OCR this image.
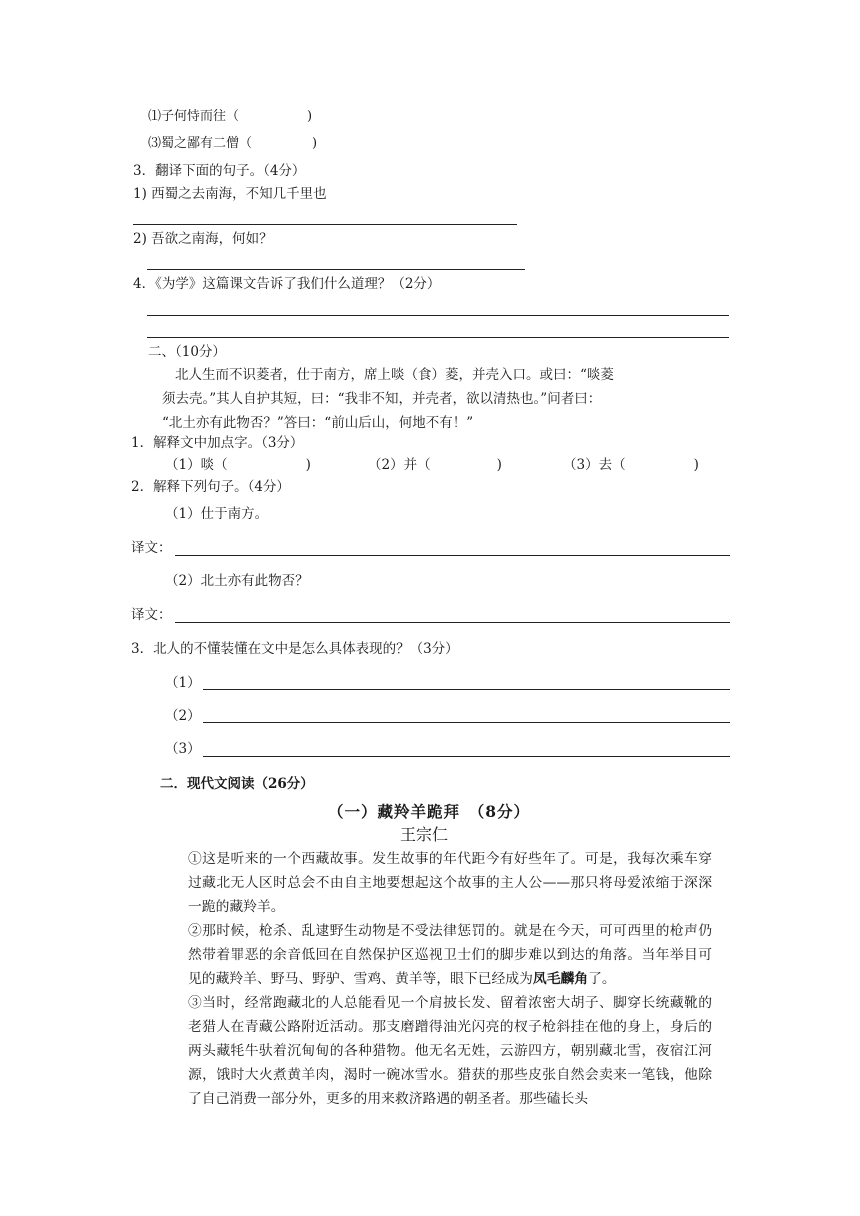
⑴子何恃而往（	)
⑶蜀之鄙有二僧（	)
3．翻译下面的句子。（4分）
1) 西蜀之去南海，不知几千里也
2) 吾欲之南海，何如？
4．《为学》这篇课文告诉了我们什么道理？（2分）
二、（10分）
北人生而不识菱者，仕于南方，席上啖（食）菱，并壳入口。或曰：“啖菱
须去壳。”其人自护其短，曰：“我非不知，并壳者，欲以清热也。”问者曰：
“北土亦有此物否？”答曰：“前山后山，何地不有！”
1．解释文中加点字。（3分）
（1）啖（	)	（2）并（	)	（3）去（	)
2．解释下列句子。（4分）
（1）仕于南方。
译文：
（2）北土亦有此物否？
译文：
3．北人的不懂装懂在文中是怎么具体表现的？（3分）
（1）
（2）
（3）
二．现代文阅读（26分）
（一）藏羚羊跪拜　（8分）
王宗仁
①这是听来的一个西藏故事。发生故事的年代距今有好些年了。可是，我每次乘车穿过藏北无人区时总会不由自主地要想起这个故事的主人公——那只将母爱浓缩于深深一跪的藏羚羊。
②那时候，枪杀、乱逮野生动物是不受法律惩罚的。就是在今天，可可西里的枪声仍然带着罪恶的余音低回在自然保护区巡视卫士们的脚步难以到达的角落。当年举目可见的藏羚羊、野马、野驴、雪鸡、黄羊等，眼下已经成为凤毛麟角了。
③当时，经常跑藏北的人总能看见一个肩披长发、留着浓密大胡子、脚穿长统藏靴的老猎人在青藏公路附近活动。那支磨蹭得油光闪亮的杈子枪斜挂在他的身上，身后的两头藏牦牛驮着沉甸甸的各种猎物。他无名无姓，云游四方，朝别藏北雪，夜宿江河源，饿时大火煮黄羊肉，渴时一碗冰雪水。猎获的那些皮张自然会卖来一笔钱，他除了自己消费一部分外，更多的用来救济路遇的朝圣者。那些磕长头
